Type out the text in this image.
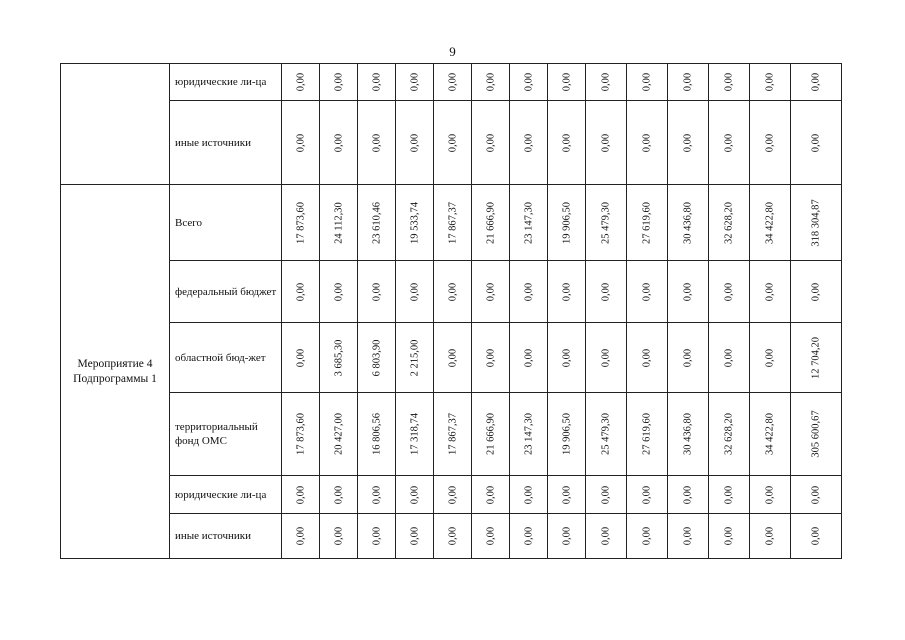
9
	юридические ли-ца	0,00	0,00	0,00	0,00	0,00	0,00	0,00	0,00	0,00	0,00	0,00	0,00	0,00	0,00

	иные источники	0,00	0,00	0,00	0,00	0,00	0,00	0,00	0,00	0,00	0,00	0,00	0,00	0,00	0,00

Мероприятие 4 Подпрограммы 1	Всего	17 873,60	24 112,30	23 610,46	19 533,74	17 867,37	21 666,90	23 147,30	19 906,50	25 479,30	27 619,60	30 436,80	32 628,20	34 422,80	318 304,87

	федеральный бюджет	0,00	0,00	0,00	0,00	0,00	0,00	0,00	0,00	0,00	0,00	0,00	0,00	0,00	0,00

	областной бюд-жет	0,00	3 685,30	6 803,90	2 215,00	0,00	0,00	0,00	0,00	0,00	0,00	0,00	0,00	0,00	12 704,20

	территориальный фонд ОМС	17 873,60	20 427,00	16 806,56	17 318,74	17 867,37	21 666,90	23 147,30	19 906,50	25 479,30	27 619,60	30 436,80	32 628,20	34 422,80	305 600,67

	юридические ли-ца	0,00	0,00	0,00	0,00	0,00	0,00	0,00	0,00	0,00	0,00	0,00	0,00	0,00	0,00

	иные источники	0,00	0,00	0,00	0,00	0,00	0,00	0,00	0,00	0,00	0,00	0,00	0,00	0,00	0,00
